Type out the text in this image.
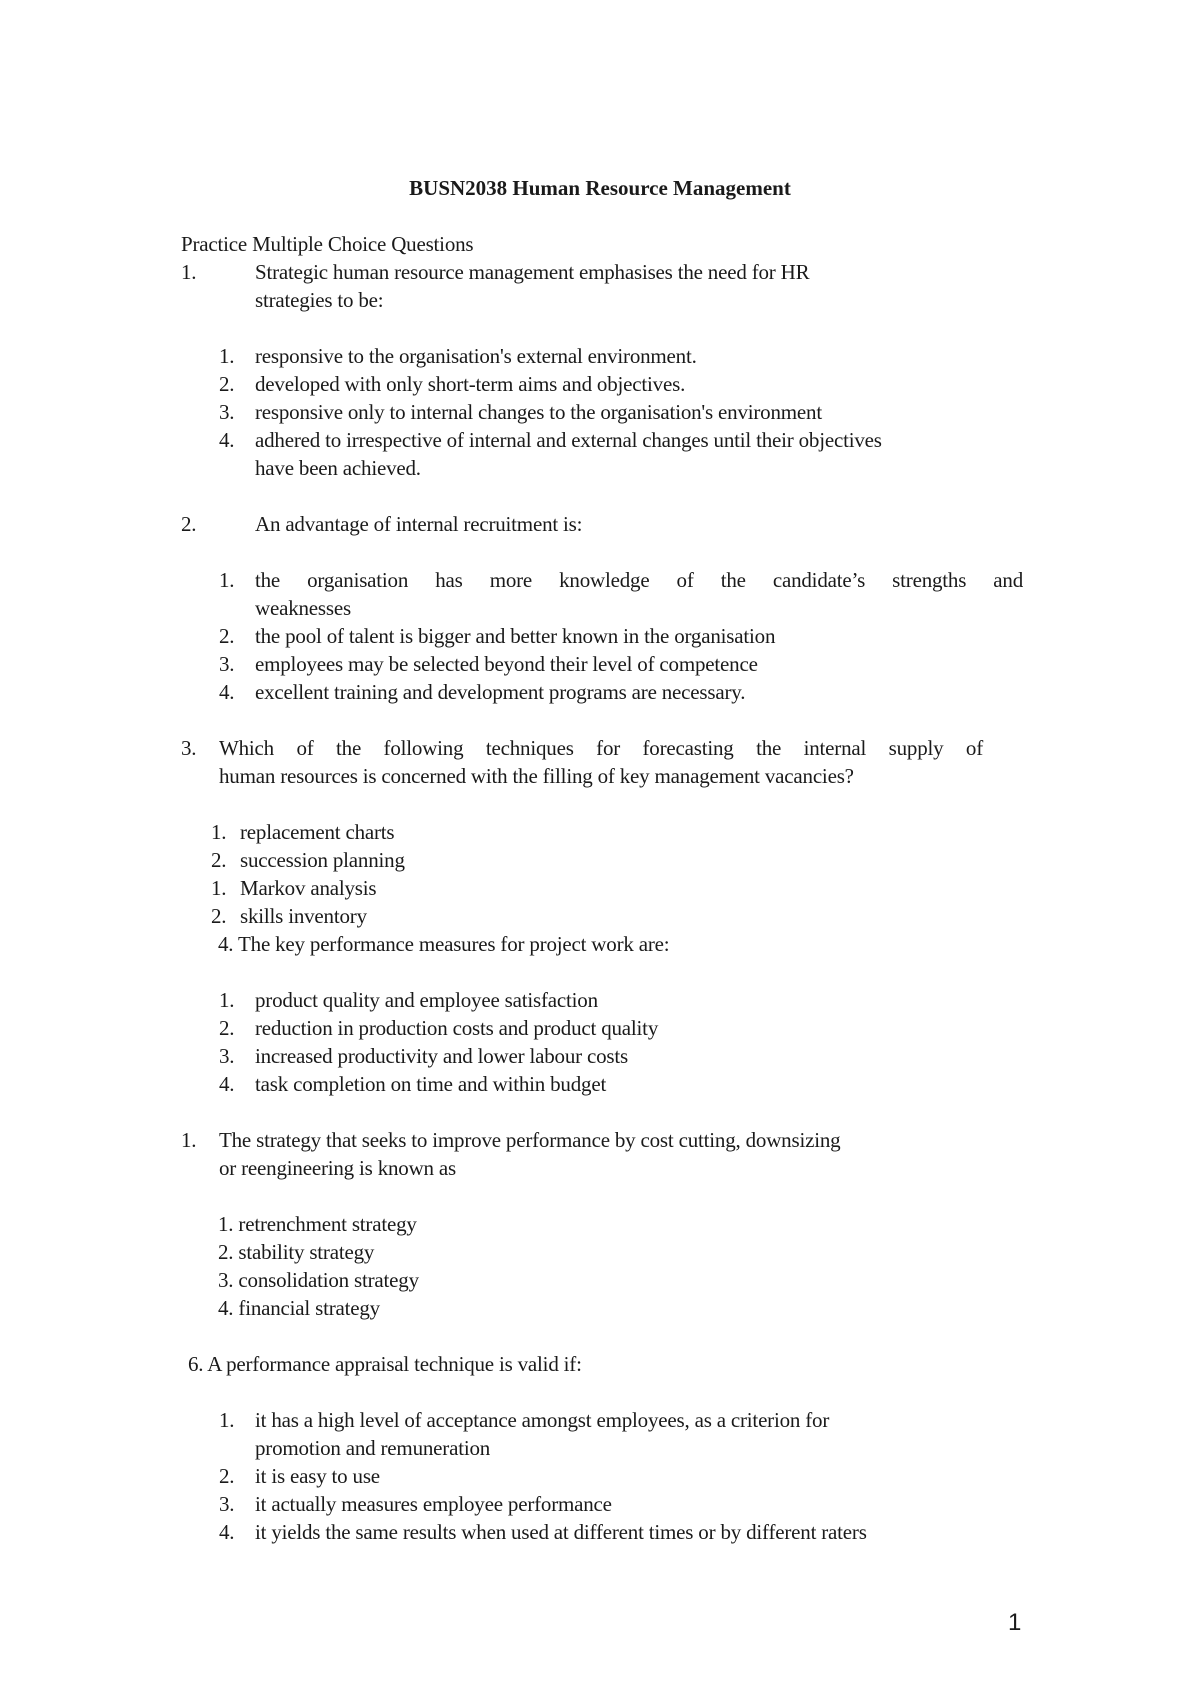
BUSN2038 Human Resource Management
Practice Multiple Choice Questions
1.	Strategic human resource management emphasises the need for HR
strategies to be:
1. responsive to the organisation's external environment.
2. developed with only short-term aims and objectives.
3. responsive only to internal changes to the organisation's environment
4. adhered to irrespective of internal and external changes until their objectives
have been achieved.
2.	An advantage of internal recruitment is:
1. the organisation has more knowledge of the candidate’s strengths and
weaknesses
2. the pool of talent is bigger and better known in the organisation
3. employees may be selected beyond their level of competence
4. excellent training and development programs are necessary.
3. Which of the following techniques for forecasting the internal supply of
human resources is concerned with the filling of key management vacancies?
1. replacement charts
2. succession planning
1. Markov analysis
2. skills inventory
4. The key performance measures for project work are:
1. product quality and employee satisfaction
2. reduction in production costs and product quality
3. increased productivity and lower labour costs
4. task completion on time and within budget
1. The strategy that seeks to improve performance by cost cutting, downsizing
or reengineering is known as
1. retrenchment strategy
2. stability strategy
3. consolidation strategy
4. financial strategy
6. A performance appraisal technique is valid if:
1. it has a high level of acceptance amongst employees, as a criterion for
promotion and remuneration
2. it is easy to use
3. it actually measures employee performance
4. it yields the same results when used at different times or by different raters
1
